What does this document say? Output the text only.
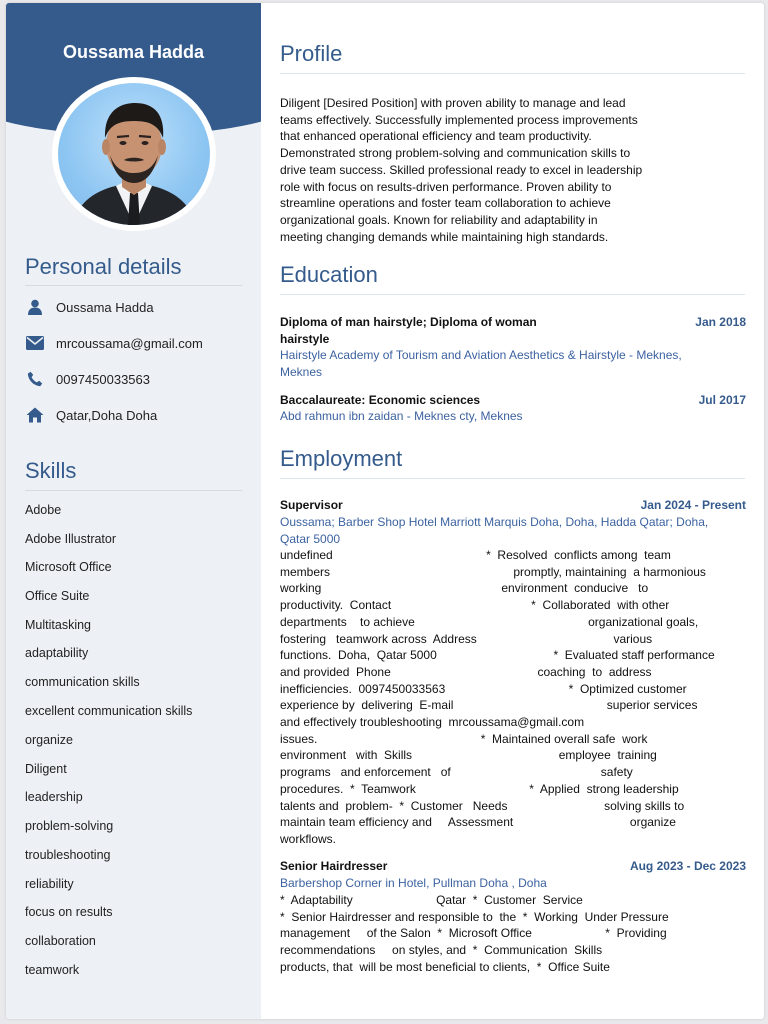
Oussama Hadda
Personal details
Oussama Hadda
mrcoussama@gmail.com
0097450033563
Qatar,Doha Doha
Skills
Adobe
Adobe Illustrator
Microsoft Office
Office Suite
Multitasking
adaptability
communication skills
excellent communication skills
organize
Diligent
leadership
problem-solving
troubleshooting
reliability
focus on results
collaboration
teamwork
Profile
Diligent [Desired Position] with proven ability to manage and lead
teams effectively. Successfully implemented process improvements
that enhanced operational efficiency and team productivity.
Demonstrated strong problem-solving and communication skills to
drive team success. Skilled professional ready to excel in leadership
role with focus on results-driven performance. Proven ability to
streamline operations and foster team collaboration to achieve
organizational goals. Known for reliability and adaptability in
meeting changing demands while maintaining high standards.
Education
Diploma of man hairstyle; Diploma of woman
hairstyle
Jan 2018
Hairstyle Academy of Tourism and Aviation Aesthetics & Hairstyle - Meknes,
Meknes
Baccalaureate: Economic sciences	Jul 2017
Abd rahmun ibn zaidan - Meknes cty, Meknes
Employment
Supervisor	Jan 2024 - Present
Oussama; Barber Shop Hotel Marriott Marquis Doha, Doha, Hadda Qatar; Doha,
Qatar 5000
undefined                                              *  Resolved  conflicts among  team
members                                                       promptly, maintaining  a harmonious
working                                                      environment  conducive   to
productivity.  Contact                                          *  Collaborated  with other
departments    to achieve                                                    organizational goals,
fostering   teamwork across  Address                                         various
functions.  Doha,  Qatar 5000                                   *  Evaluated staff performance
and provided  Phone                                            coaching  to  address
inefficiencies.  0097450033563                                     *  Optimized customer
experience by  delivering  E-mail                                              superior services
and effectively troubleshooting  mrcoussama@gmail.com
issues.                                                 *  Maintained overall safe  work
environment   with  Skills                                            employee  training
programs   and enforcement   of                                             safety
procedures.  *  Teamwork                                  *  Applied  strong leadership
talents and  problem-  *  Customer   Needs                             solving skills to
maintain team efficiency and     Assessment                                   organize
workflows.
Senior Hairdresser	Aug 2023 - Dec 2023
Barbershop Corner in Hotel, Pullman Doha , Doha
*  Adaptability                         Qatar  *  Customer  Service
*  Senior Hairdresser and responsible to  the  *  Working  Under Pressure
management     of the Salon  *  Microsoft Office                      *  Providing
recommendations     on styles, and  *  Communication  Skills
products, that  will be most beneficial to clients,  *  Office Suite
